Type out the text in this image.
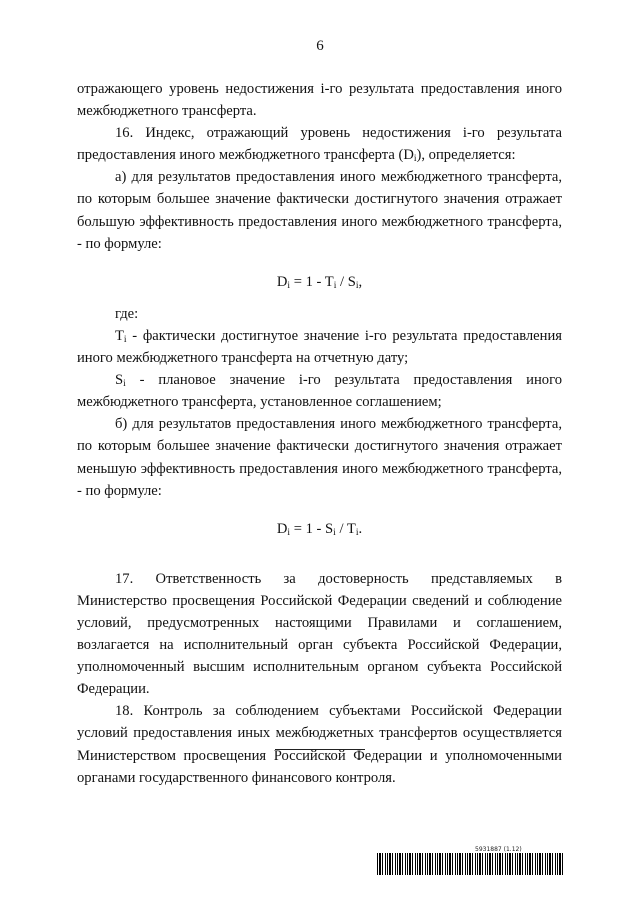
6

отражающего уровень недостижения i-го результата предоставления иного межбюджетного трансферта.

16. Индекс, отражающий уровень недостижения i-го результата предоставления иного межбюджетного трансферта $(D_i)$, определяется:

а) для результатов предоставления иного межбюджетного трансферта, по которым большее значение фактически достигнутого значения отражает большую эффективность предоставления иного межбюджетного трансферта, - по формуле:

$D_i = 1 - T_i / S_i$,

где:

$T_i$ - фактически достигнутое значение i-го результата предоставления иного межбюджетного трансферта на отчетную дату;

$S_i$ - плановое значение i-го результата предоставления иного межбюджетного трансферта, установленное соглашением;

б) для результатов предоставления иного межбюджетного трансферта, по которым большее значение фактически достигнутого значения отражает меньшую эффективность предоставления иного межбюджетного трансферта, - по формуле:

$D_i = 1 - S_i / T_i$.

17. Ответственность за достоверность представляемых в Министерство просвещения Российской Федерации сведений и соблюдение условий, предусмотренных настоящими Правилами и соглашением, возлагается на исполнительный орган субъекта Российской Федерации, уполномоченный высшим исполнительным органом субъекта Российской Федерации.

18. Контроль за соблюдением субъектами Российской Федерации условий предоставления иных межбюджетных трансфертов осуществляется Министерством просвещения Российской Федерации и уполномоченными органами государственного финансового контроля.

5931887 (1.12)
